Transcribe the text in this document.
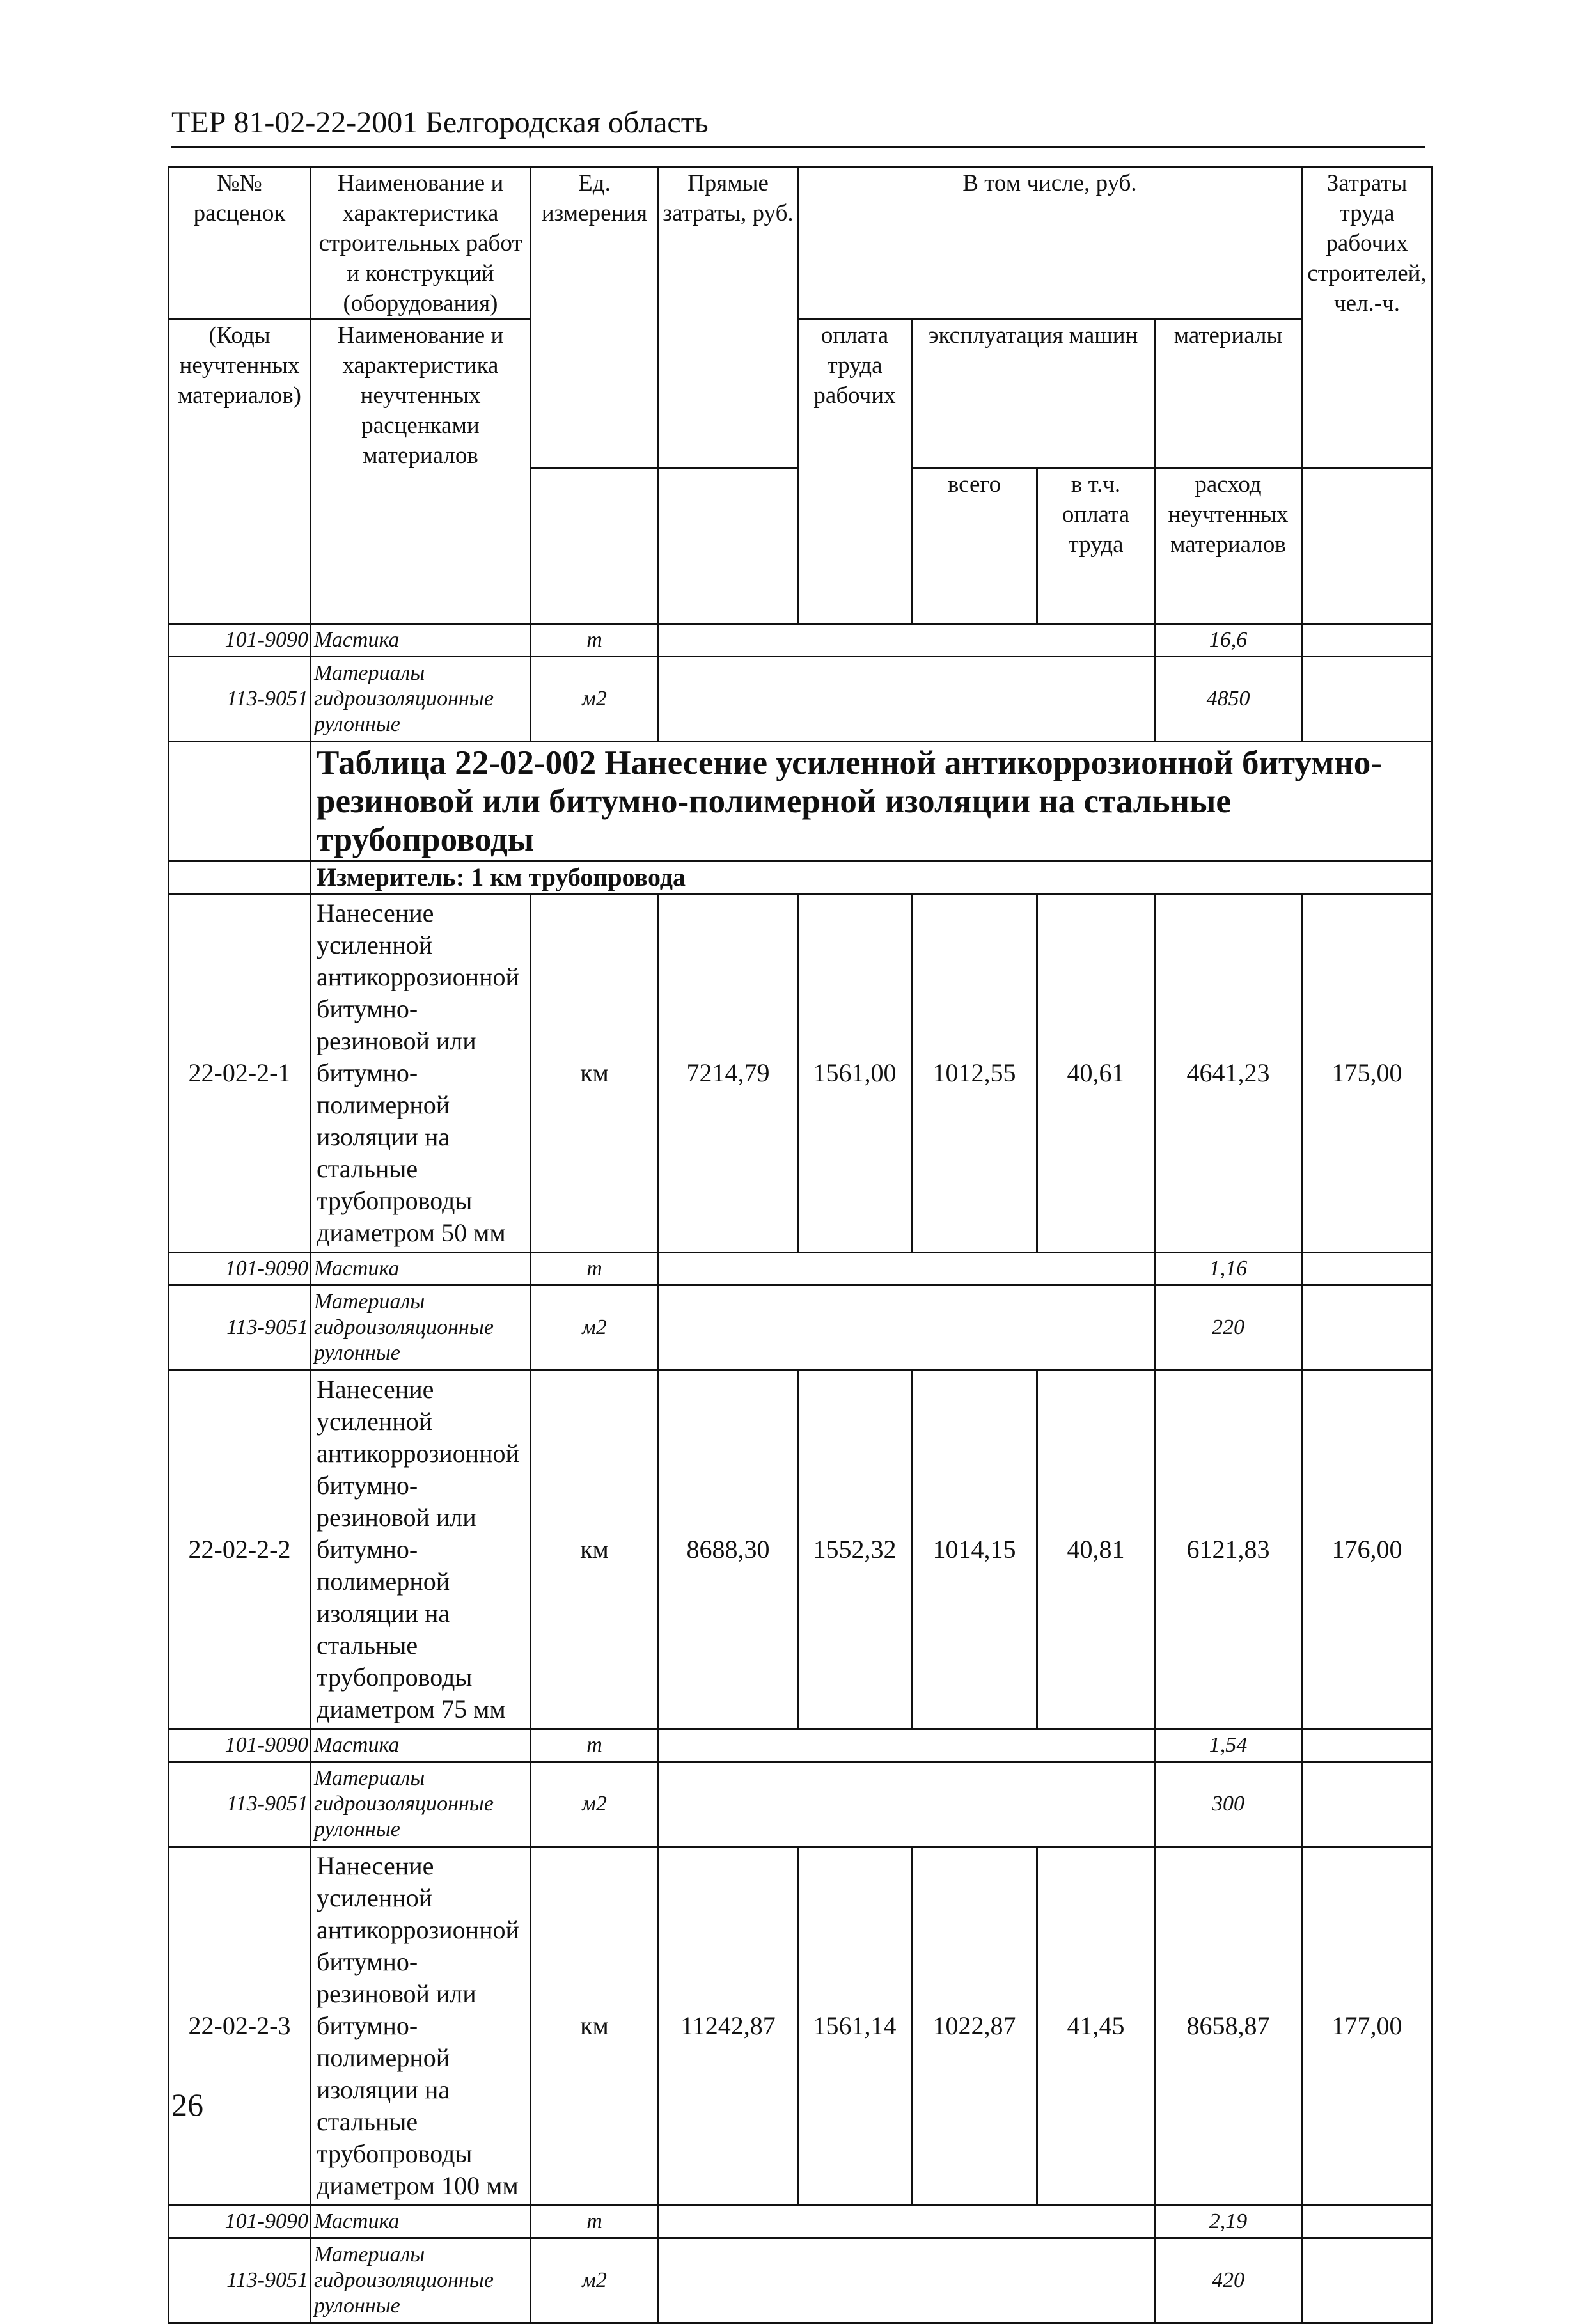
ТЕР 81-02-22-2001 Белгородская область
№№ расценок	Наименование и характеристика строительных работ и конструкций (оборудования)	Ед. измерения	Прямые затраты, руб.	В том числе, руб.				Затраты труда рабочих строителей, чел.-ч.
(Коды неучтенных материалов)	Наименование и характеристика неучтенных расценками материалов			оплата труда рабочих	эксплуатация машин		материалы	
					всего	в т.ч. оплата труда	расход неучтенных материалов	
101-9090	Мастика	т					16,6	
113-9051	Материалы гидроизоляционные рулонные	м2					4850	
	Таблица 22-02-002 Нанесение усиленной антикоррозионной битумно-резиновой или битумно-полимерной изоляции на стальные трубопроводы							
	Измеритель: 1 км трубопровода							
22-02-2-1	Нанесение усиленной антикоррозионной битумно-резиновой или битумно-полимерной изоляции на стальные трубопроводы диаметром 50 мм	км	7214,79	1561,00	1012,55	40,61	4641,23	175,00
101-9090	Мастика	т					1,16	
113-9051	Материалы гидроизоляционные рулонные	м2					220	
22-02-2-2	Нанесение усиленной антикоррозионной битумно-резиновой или битумно-полимерной изоляции на стальные трубопроводы диаметром 75 мм	км	8688,30	1552,32	1014,15	40,81	6121,83	176,00
101-9090	Мастика	т					1,54	
113-9051	Материалы гидроизоляционные рулонные	м2					300	
22-02-2-3	Нанесение усиленной антикоррозионной битумно-резиновой или битумно-полимерной изоляции на стальные трубопроводы диаметром 100 мм	км	11242,87	1561,14	1022,87	41,45	8658,87	177,00
101-9090	Мастика	т					2,19	
113-9051	Материалы гидроизоляционные рулонные	м2					420	
26
